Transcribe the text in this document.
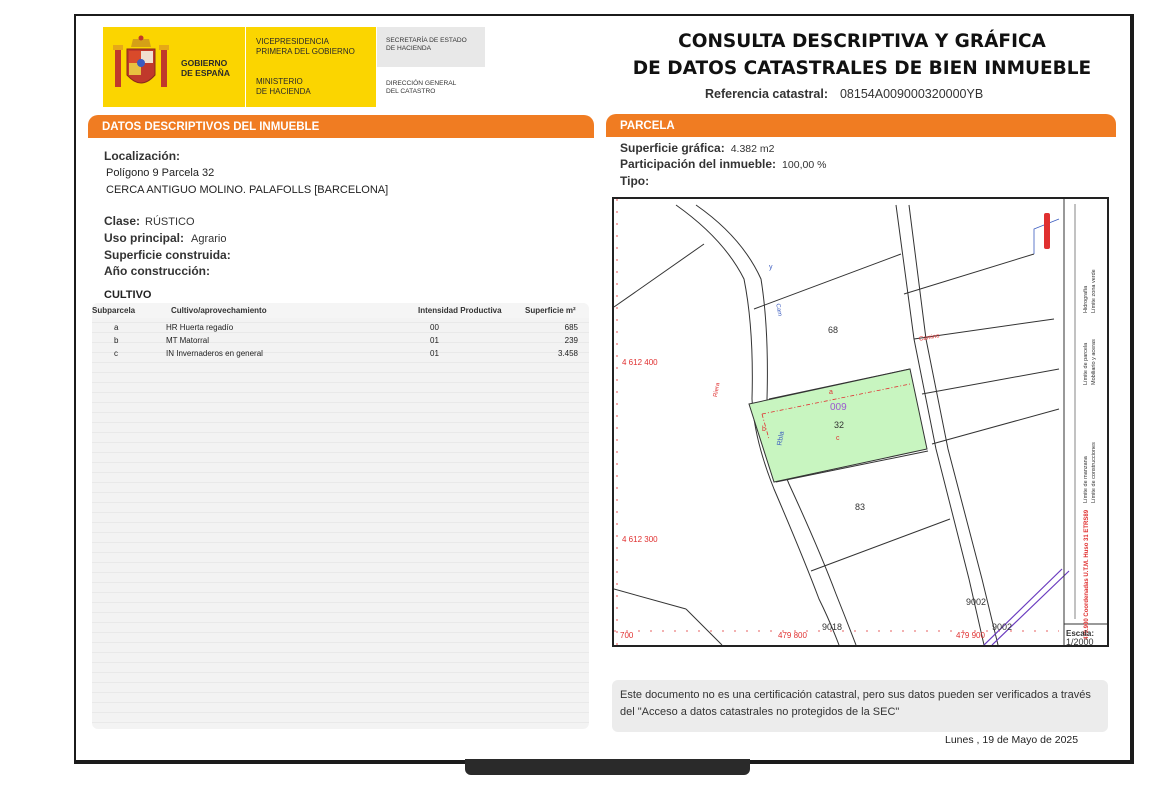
GOBIERNO
DE ESPAÑA
VICEPRESIDENCIA
PRIMERA DEL GOBIERNO
MINISTERIO
DE HACIENDA
SECRETARÍA DE ESTADO
DE HACIENDA
DIRECCIÓN GENERAL
DEL CATASTRO
CONSULTA DESCRIPTIVA Y GRÁFICA
DE DATOS CATASTRALES DE BIEN INMUEBLE
Referencia catastral: 08154A009000320000YB
DATOS DESCRIPTIVOS DEL INMUEBLE
Localización:
Polígono 9 Parcela 32
CERCA ANTIGUO MOLINO. PALAFOLLS [BARCELONA]
Clase: RÚSTICO
Uso principal: Agrario
Superficie construida:
Año construcción:
CULTIVO
Subparcela	Cultivo/aprovechamiento	Intensidad Productiva	Superficie m²
a	HR Huerta regadío	00	685
b	MT Matorral	01	239
c	IN Invernaderos en general	01	3.458
PARCELA
Superficie gráfica: 4.382 m2
Participación del inmueble: 100,00 %
Tipo:
4 612 400
4 612 300
700	479 800	479 900
68
009
32
83
9002
9002
9018
a
b
c
Camino
Cam
Riera
Rbla
y
Límite de manzana
Límite de parcela
Límite de construcciones
Mobiliario y aceras
Límite zona verde
Hidrografía
479.900 Coordenadas U.T.M. Huso 31 ETRS89
Escala:
1/2000
Este documento no es una certificación catastral, pero sus datos pueden ser verificados a través del "Acceso a datos catastrales no protegidos de la SEC"
Lunes , 19 de Mayo de 2025
